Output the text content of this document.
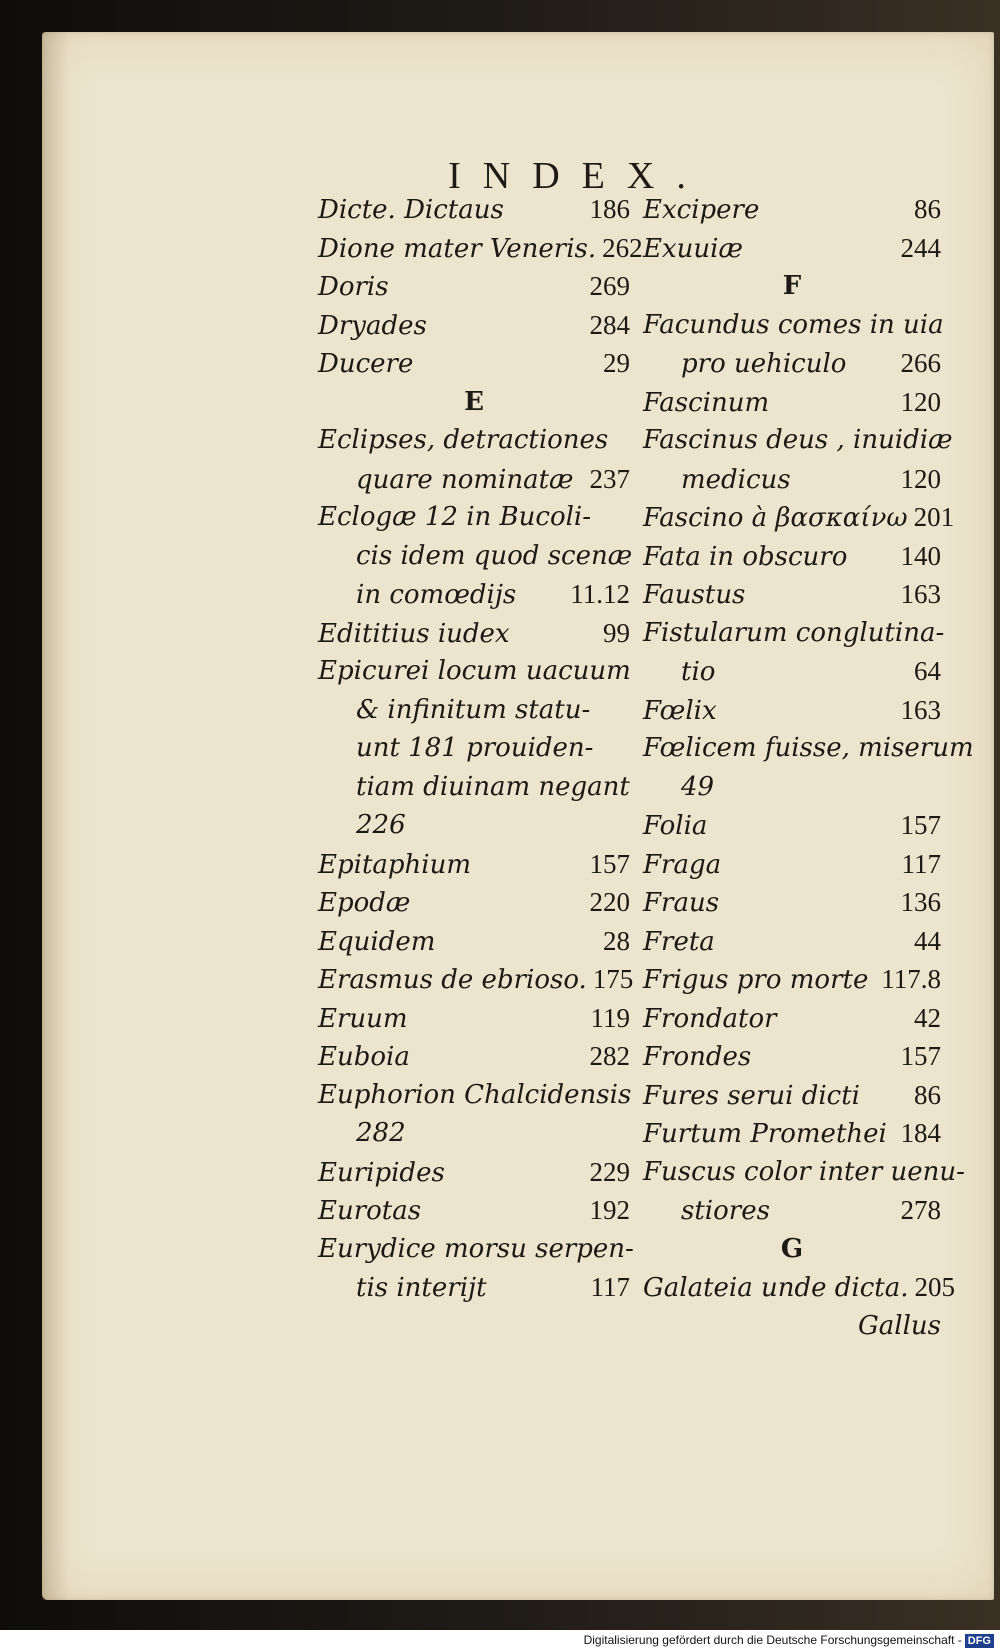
INDEX.
Dicte. Dictaus	186
Dione mater Veneris. 262
Doris	269
Dryades	284
Ducere	29
E
Eclipses, detractiones
quare nominatæ 237
Eclogæ 12 in Bucoli-
cis idem quod scenæ
in comœdijs 11.12
Edititius iudex	99
Epicurei locum uacuum
& infinitum statu-
unt 181 prouiden-
tiam diuinam negant
226
Epitaphium	157
Epodæ	220
Equidem	28
Erasmus de ebrioso. 175
Eruum	119
Euboia	282
Euphorion Chalcidensis
282
Euripides	229
Eurotas	192
Eurydice morsu serpen-
tis interijt	117
Excipere	86
Exuuiæ	244
F
Facundus comes in uia
pro uehiculo 266
Fascinum	120
Fascinus deus , inuidiæ
medicus	120
Fascino à βασκαίνω 201
Fata in obscuro 140
Faustus	163
Fistularum conglutina-
tio	64
Fœlix	163
Fœlicem fuisse, miserum
49
Folia	157
Fraga	117
Fraus	136
Freta	44
Frigus pro morte 117.8
Frondator	42
Frondes	157
Fures serui dicti 86
Furtum Promethei 184
Fuscus color inter uenu-
stiores	278
G
Galateia unde dicta. 205
Gallus
Digitalisierung gefördert durch die Deutsche Forschungsgemeinschaft - DFG
